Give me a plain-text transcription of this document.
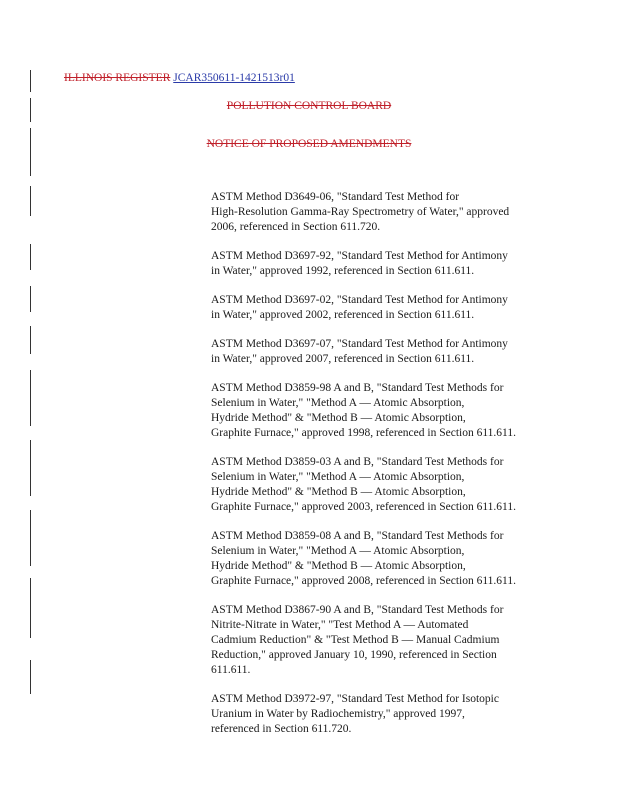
ILLINOIS REGISTER JCAR350611-1421513r01
POLLUTION CONTROL BOARD
NOTICE OF PROPOSED AMENDMENTS

ASTM Method D3649-06, "Standard Test Method for

High-Resolution Gamma-Ray Spectrometry of Water," approved

2006, referenced in Section 611.720.

ASTM Method D3697-92, "Standard Test Method for Antimony

in Water," approved 1992, referenced in Section 611.611.

ASTM Method D3697-02, "Standard Test Method for Antimony

in Water," approved 2002, referenced in Section 611.611.

ASTM Method D3697-07, "Standard Test Method for Antimony

in Water," approved 2007, referenced in Section 611.611.

ASTM Method D3859-98 A and B, "Standard Test Methods for

Selenium in Water," "Method A — Atomic Absorption,

Hydride Method" & "Method B — Atomic Absorption,

Graphite Furnace," approved 1998, referenced in Section 611.611.

ASTM Method D3859-03 A and B, "Standard Test Methods for

Selenium in Water," "Method A — Atomic Absorption,

Hydride Method" & "Method B — Atomic Absorption,

Graphite Furnace," approved 2003, referenced in Section 611.611.

ASTM Method D3859-08 A and B, "Standard Test Methods for

Selenium in Water," "Method A — Atomic Absorption,

Hydride Method" & "Method B — Atomic Absorption,

Graphite Furnace," approved 2008, referenced in Section 611.611.

ASTM Method D3867-90 A and B, "Standard Test Methods for

Nitrite-Nitrate in Water," "Test Method A — Automated

Cadmium Reduction" & "Test Method B — Manual Cadmium

Reduction," approved January 10, 1990, referenced in Section

611.611.

ASTM Method D3972-97, "Standard Test Method for Isotopic

Uranium in Water by Radiochemistry," approved 1997,

referenced in Section 611.720.
